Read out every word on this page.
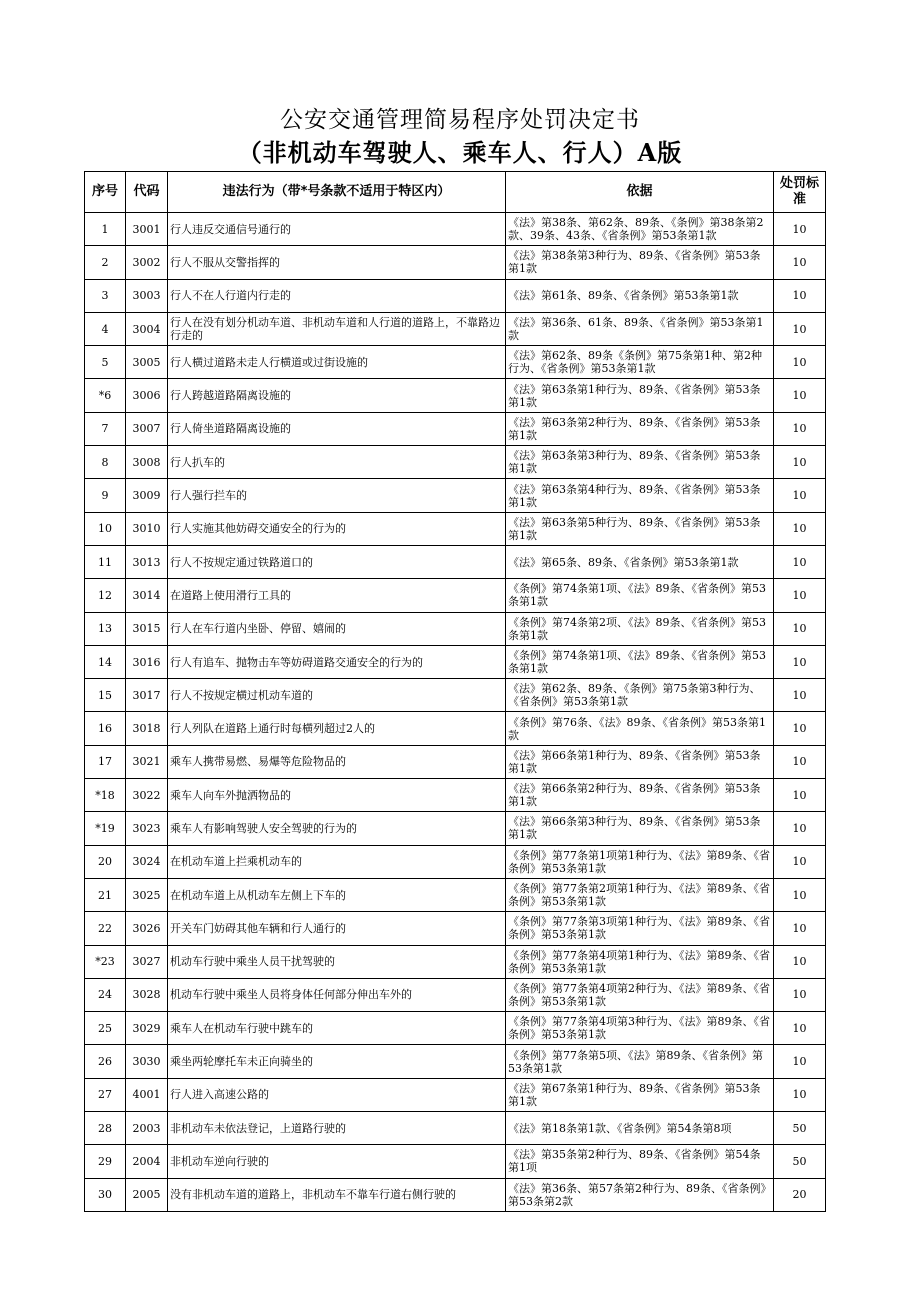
公安交通管理简易程序处罚决定书
（非机动车驾驶人、乘车人、行人）A版
序号	代码	违法行为（带*号条款不适用于特区内）	依据	处罚标准
1	3001	行人违反交通信号通行的	《法》第38条、第62条、89条、《条例》第38条第2款、39条、43条、《省条例》第53条第1款	10
2	3002	行人不服从交警指挥的	《法》第38条第3种行为、89条、《省条例》第53条第1款	10
3	3003	行人不在人行道内行走的	《法》第61条、89条、《省条例》第53条第1款	10
4	3004	行人在没有划分机动车道、非机动车道和人行道的道路上，不靠路边行走的	《法》第36条、61条、89条、《省条例》第53条第1款	10
5	3005	行人横过道路未走人行横道或过街设施的	《法》第62条、89条《条例》第75条第1种、第2种行为、《省条例》第53条第1款	10
*6	3006	行人跨越道路隔离设施的	《法》第63条第1种行为、89条、《省条例》第53条第1款	10
7	3007	行人倚坐道路隔离设施的	《法》第63条第2种行为、89条、《省条例》第53条第1款	10
8	3008	行人扒车的	《法》第63条第3种行为、89条、《省条例》第53条第1款	10
9	3009	行人强行拦车的	《法》第63条第4种行为、89条、《省条例》第53条第1款	10
10	3010	行人实施其他妨碍交通安全的行为的	《法》第63条第5种行为、89条、《省条例》第53条第1款	10
11	3013	行人不按规定通过铁路道口的	《法》第65条、89条、《省条例》第53条第1款	10
12	3014	在道路上使用滑行工具的	《条例》第74条第1项、《法》89条、《省条例》第53条第1款	10
13	3015	行人在车行道内坐卧、停留、嬉闹的	《条例》第74条第2项、《法》89条、《省条例》第53条第1款	10
14	3016	行人有追车、抛物击车等妨碍道路交通安全的行为的	《条例》第74条第1项、《法》89条、《省条例》第53条第1款	10
15	3017	行人不按规定横过机动车道的	《法》第62条、89条、《条例》第75条第3种行为、《省条例》第53条第1款	10
16	3018	行人列队在道路上通行时每横列超过2人的	《条例》第76条、《法》89条、《省条例》第53条第1款	10
17	3021	乘车人携带易燃、易爆等危险物品的	《法》第66条第1种行为、89条、《省条例》第53条第1款	10
*18	3022	乘车人向车外抛洒物品的	《法》第66条第2种行为、89条、《省条例》第53条第1款	10
*19	3023	乘车人有影响驾驶人安全驾驶的行为的	《法》第66条第3种行为、89条、《省条例》第53条第1款	10
20	3024	在机动车道上拦乘机动车的	《条例》第77条第1项第1种行为、《法》第89条、《省条例》第53条第1款	10
21	3025	在机动车道上从机动车左侧上下车的	《条例》第77条第2项第1种行为、《法》第89条、《省条例》第53条第1款	10
22	3026	开关车门妨碍其他车辆和行人通行的	《条例》第77条第3项第1种行为、《法》第89条、《省条例》第53条第1款	10
*23	3027	机动车行驶中乘坐人员干扰驾驶的	《条例》第77条第4项第1种行为、《法》第89条、《省条例》第53条第1款	10
24	3028	机动车行驶中乘坐人员将身体任何部分伸出车外的	《条例》第77条第4项第2种行为、《法》第89条、《省条例》第53条第1款	10
25	3029	乘车人在机动车行驶中跳车的	《条例》第77条第4项第3种行为、《法》第89条、《省条例》第53条第1款	10
26	3030	乘坐两轮摩托车未正向骑坐的	《条例》第77条第5项、《法》第89条、《省条例》第53条第1款	10
27	4001	行人进入高速公路的	《法》第67条第1种行为、89条、《省条例》第53条第1款	10
28	2003	非机动车未依法登记，上道路行驶的	《法》第18条第1款、《省条例》第54条第8项	50
29	2004	非机动车逆向行驶的	《法》第35条第2种行为、89条、《省条例》第54条第1项	50
30	2005	没有非机动车道的道路上，非机动车不靠车行道右侧行驶的	《法》第36条、第57条第2种行为、89条、《省条例》第53条第2款	20
